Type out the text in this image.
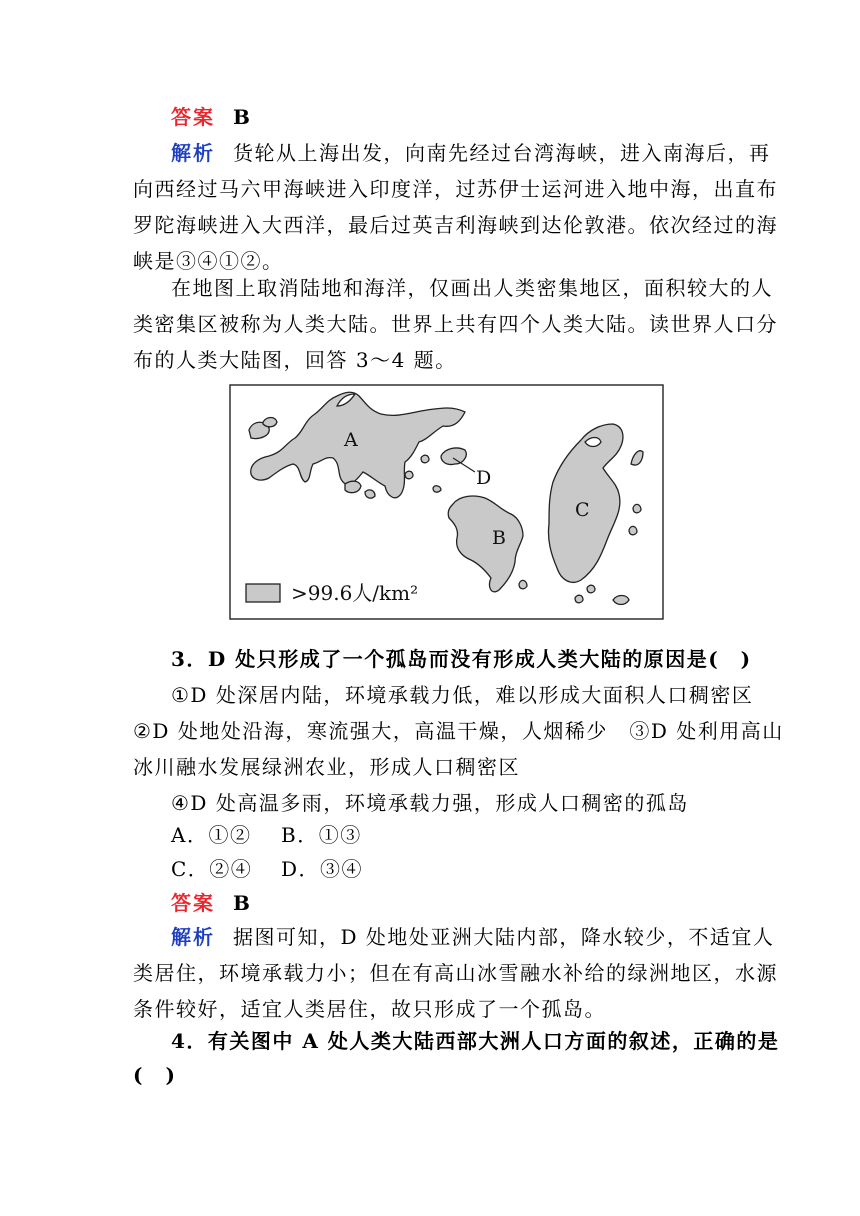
答案 B
解析 货轮从上海出发，向南先经过台湾海峡，进入南海后，再
向西经过马六甲海峡进入印度洋，过苏伊士运河进入地中海，出直布
罗陀海峡进入大西洋，最后过英吉利海峡到达伦敦港。依次经过的海
峡是③④①②。
在地图上取消陆地和海洋，仅画出人类密集地区，面积较大的人
类密集区被称为人类大陆。世界上共有四个人类大陆。读世界人口分
布的人类大陆图，回答 3～4 题。
A
D
B
C
>99.6人/km²
3．D 处只形成了一个孤岛而没有形成人类大陆的原因是(　)
①D 处深居内陆，环境承载力低，难以形成大面积人口稠密区
②D 处地处沿海，寒流强大，高温干燥，人烟稀少　③D 处利用高山
冰川融水发展绿洲农业，形成人口稠密区
④D 处高温多雨，环境承载力强，形成人口稠密的孤岛
A．①② B．①③
C．②④ D．③④
答案 B
解析 据图可知，D 处地处亚洲大陆内部，降水较少，不适宜人
类居住，环境承载力小；但在有高山冰雪融水补给的绿洲地区，水源
条件较好，适宜人类居住，故只形成了一个孤岛。
4．有关图中 A 处人类大陆西部大洲人口方面的叙述，正确的是
(　)
